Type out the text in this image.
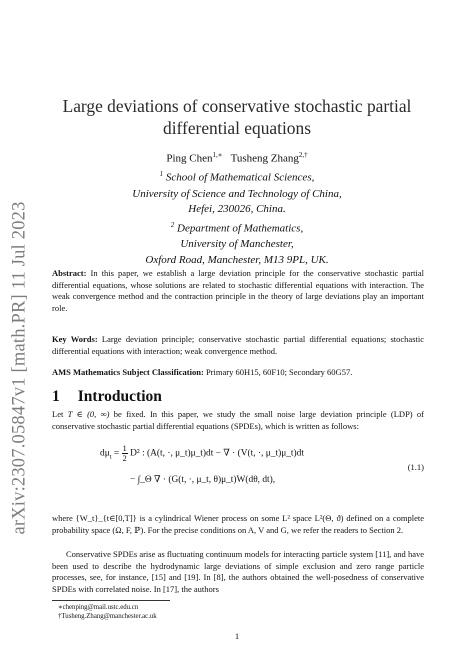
arXiv:2307.05847v1 [math.PR] 11 Jul 2023
Large deviations of conservative stochastic partial
differential equations
Ping Chen$^{1,∗}$ Tusheng Zhang$^{2,\dagger}$
$^1$ School of Mathematical Sciences,
University of Science and Technology of China,
Hefei, 230026, China.
$^2$ Department of Mathematics,
University of Manchester,
Oxford Road, Manchester, M13 9PL, UK.
Abstract: In this paper, we establish a large deviation principle for the conservative stochastic partial differential equations, whose solutions are related to stochastic differential equations with interaction. The weak convergence method and the contraction principle in the theory of large deviations play an important role.
Key Words: Large deviation principle; conservative stochastic partial differential equations; stochastic differential equations with interaction; weak convergence method.
AMS Mathematics Subject Classification: Primary 60H15, 60F10; Secondary 60G57.
1 Introduction
Let T ∈ (0, ∞) be fixed. In this paper, we study the small noise large deviation principle (LDP) of conservative stochastic partial differential equations (SPDEs), which is written as follows:
$d\mu_t = \frac{1}{2} D^2$ : (A(t, ·, μ_t)μ_t)dt − ∇ · (V(t, ·, μ_t)μ_t)dt
− ∫_Θ ∇ · (G(t, ·, μ_t, θ)μ_t)W(dθ, dt),
(1.1)
where {W_t}_{t∈[0,T]} is a cylindrical Wiener process on some L² space L²(Θ, ϑ) defined on a complete probability space (Ω, F, ℙ). For the precise conditions on A, V and G, we refer the readers to Section 2.
Conservative SPDEs arise as fluctuating continuum models for interacting particle system [11], and have been used to describe the hydrodynamic large deviations of simple exclusion and zero range particle processes, see, for instance, [15] and [19]. In [8], the authors obtained the well-posedness of conservative SPDEs with correlated noise. In [17], the authors
∗chenping@mail.ustc.edu.cn
†Tusheng.Zhang@manchester.ac.uk
1
